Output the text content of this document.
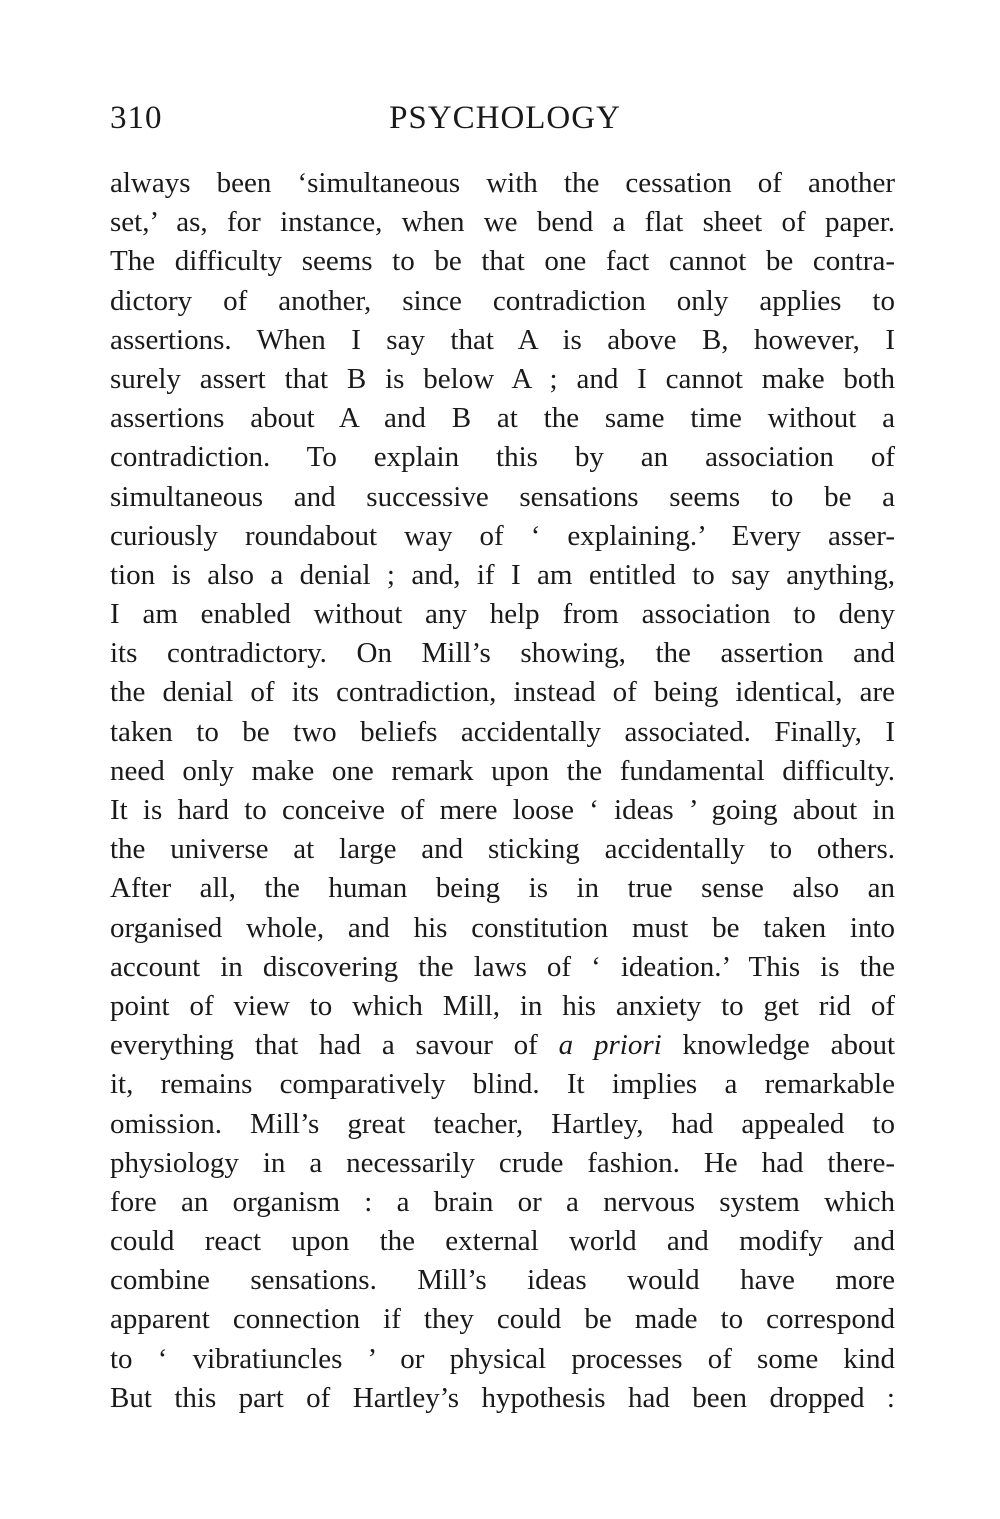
310	PSYCHOLOGY
always been ‘simultaneous with the cessation of another
set,’ as, for instance, when we bend a flat sheet of paper.
The difficulty seems to be that one fact cannot be contra-
dictory of another, since contradiction only applies to
assertions. When I say that A is above B, however, I
surely assert that B is below A ; and I cannot make both
assertions about A and B at the same time without a
contradiction. To explain this by an association of
simultaneous and successive sensations seems to be a
curiously roundabout way of ‘ explaining.’ Every asser-
tion is also a denial ; and, if I am entitled to say anything,
I am enabled without any help from association to deny
its contradictory. On Mill’s showing, the assertion and
the denial of its contradiction, instead of being identical, are
taken to be two beliefs accidentally associated. Finally, I
need only make one remark upon the fundamental difficulty.
It is hard to conceive of mere loose ‘ ideas ’ going about in
the universe at large and sticking accidentally to others.
After all, the human being is in true sense also an
organised whole, and his constitution must be taken into
account in discovering the laws of ‘ ideation.’ This is the
point of view to which Mill, in his anxiety to get rid of
everything that had a savour of a priori knowledge about
it, remains comparatively blind. It implies a remarkable
omission. Mill’s great teacher, Hartley, had appealed to
physiology in a necessarily crude fashion. He had there-
fore an organism : a brain or a nervous system which
could react upon the external world and modify and
combine sensations. Mill’s ideas would have more
apparent connection if they could be made to correspond
to ‘ vibratiuncles ’ or physical processes of some kind
But this part of Hartley’s hypothesis had been dropped :
